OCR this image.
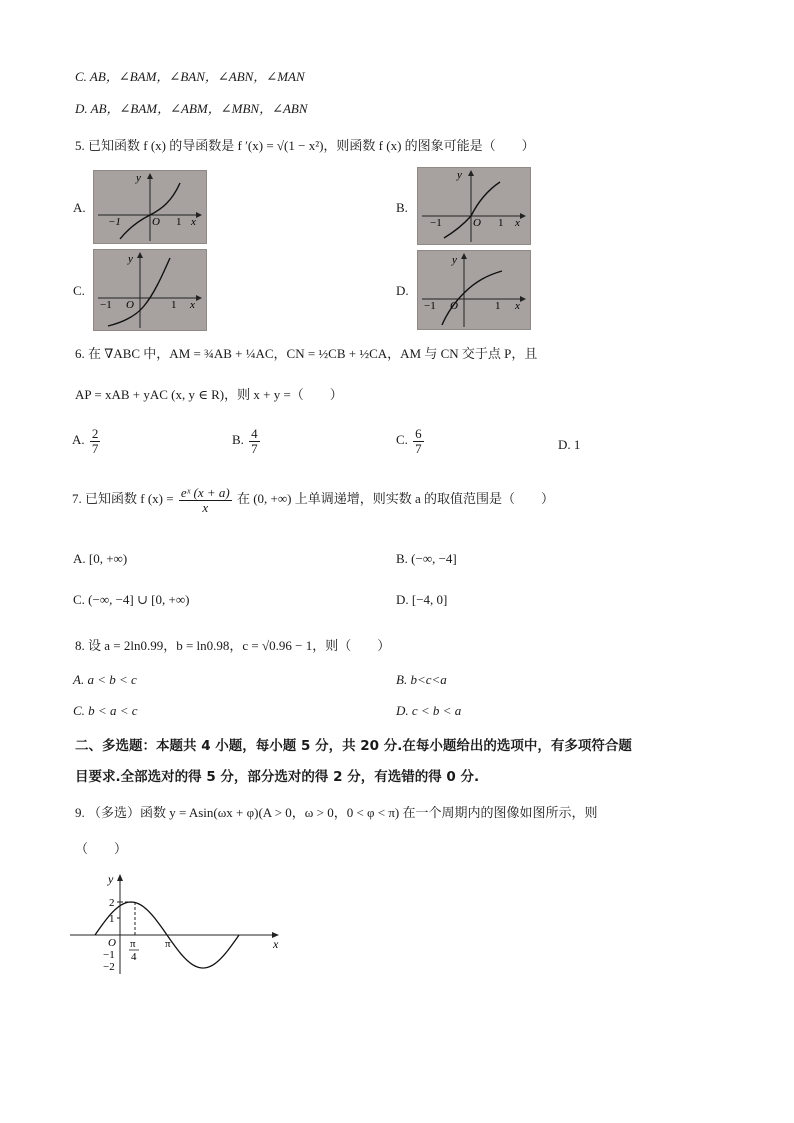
C. AB，∠BAM，∠BAN，∠ABN，∠MAN
D. AB，∠BAM，∠ABM，∠MBN，∠ABN
5. 已知函数 f (x) 的导函数是 f ′(x) = √(1 − x²)，则函数 f (x) 的图象可能是（　　）
A.	B.
C.	D.
−1	1
O	x
y
−1	1
O	x
y
−1	1
O	x
y
−1	1
O	x
y
6. 在 ∇ABC 中，AM = ¾AB + ¼AC，CN = ½CB + ½CA，AM 与 CN 交于点 P，且
AP = xAB + yAC (x, y ∈ R)，则 x + y =（　　）
A. $\frac{2}{7}$	B. $\frac{4}{7}$	C. $\frac{6}{7}$	D. 1
7. 已知函数 f $(x) = \frac{\text{eˣ (x + a)}}{x}$ 在 (0, +∞) 上单调递增，则实数 a 的取值范围是（　　）
A. [0, +∞)	B. (−∞, −4]
C. (−∞, −4] ∪ [0, +∞)	D. [−4, 0]
8. 设 a = 2ln0.99，b = ln0.98，c = √0.96 − 1，则（　　）
A. a < b < c	B. b<c<a
C. b < a < c	D. c < b < a
二、多选题：本题共 4 小题，每小题 5 分，共 20 分.在每小题给出的选项中，有多项符合题
目要求.全部选对的得 5 分，部分选对的得 2 分，有选错的得 0 分.
9. （多选）函数 y = Asin(ωx + φ)(A > 0，ω > 0，0 < φ < π) 在一个周期内的图像如图所示，则
（　　）
y
x
2
1
O
−1
−2
π
4
π
